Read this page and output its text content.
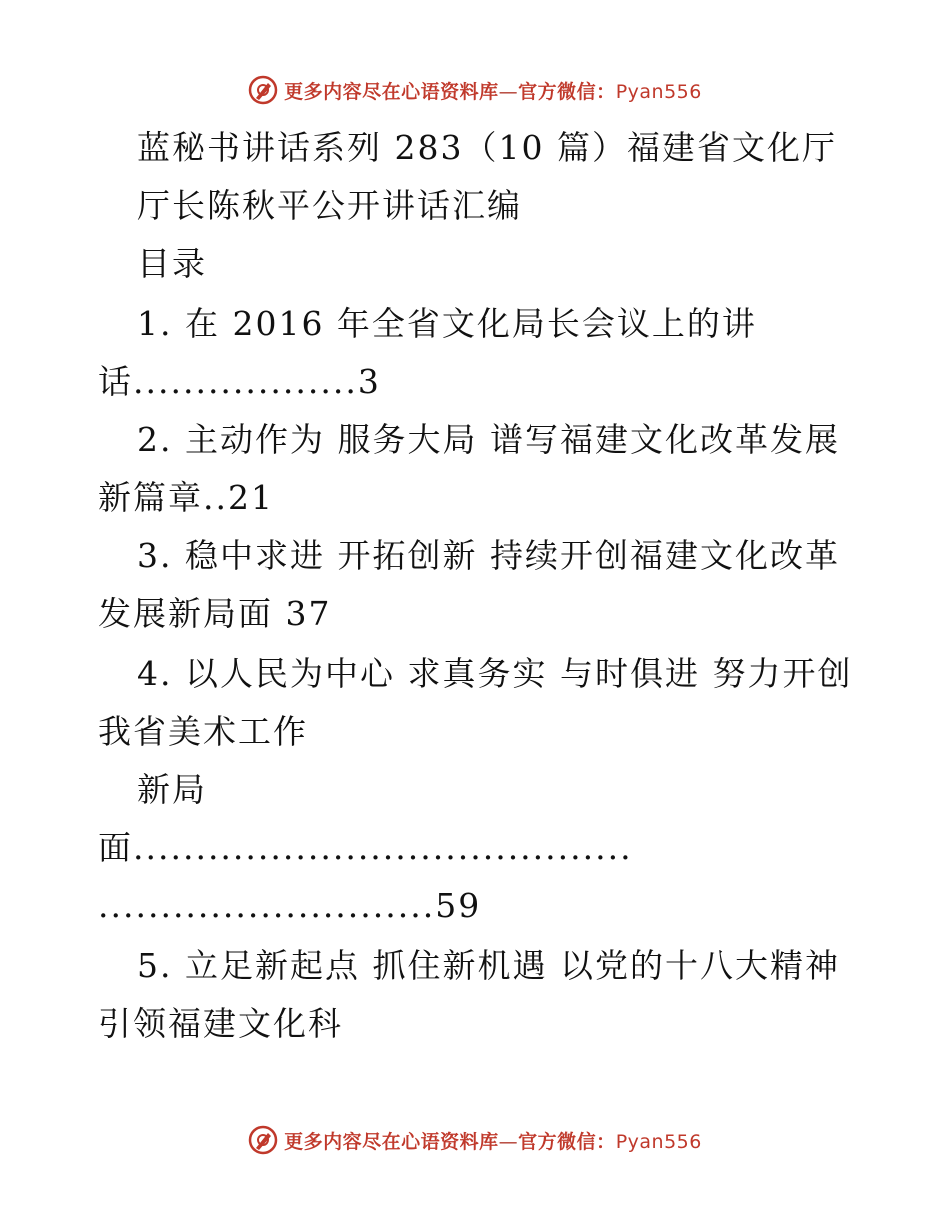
更多内容尽在心语资料库—官方微信：Pyan556
蓝秘书讲话系列 283（10 篇）福建省文化厅
厅长陈秋平公开讲话汇编
目录
1. 在 2016 年全省文化局长会议上的讲
话..................3
2. 主动作为 服务大局 谱写福建文化改革发展
新篇章..21
3. 稳中求进 开拓创新 持续开创福建文化改革
发展新局面 37
4. 以人民为中心 求真务实 与时俱进 努力开创
我省美术工作
新局
面........................................
...........................59
5. 立足新起点 抓住新机遇 以党的十八大精神
引领福建文化科
更多内容尽在心语资料库—官方微信：Pyan556
